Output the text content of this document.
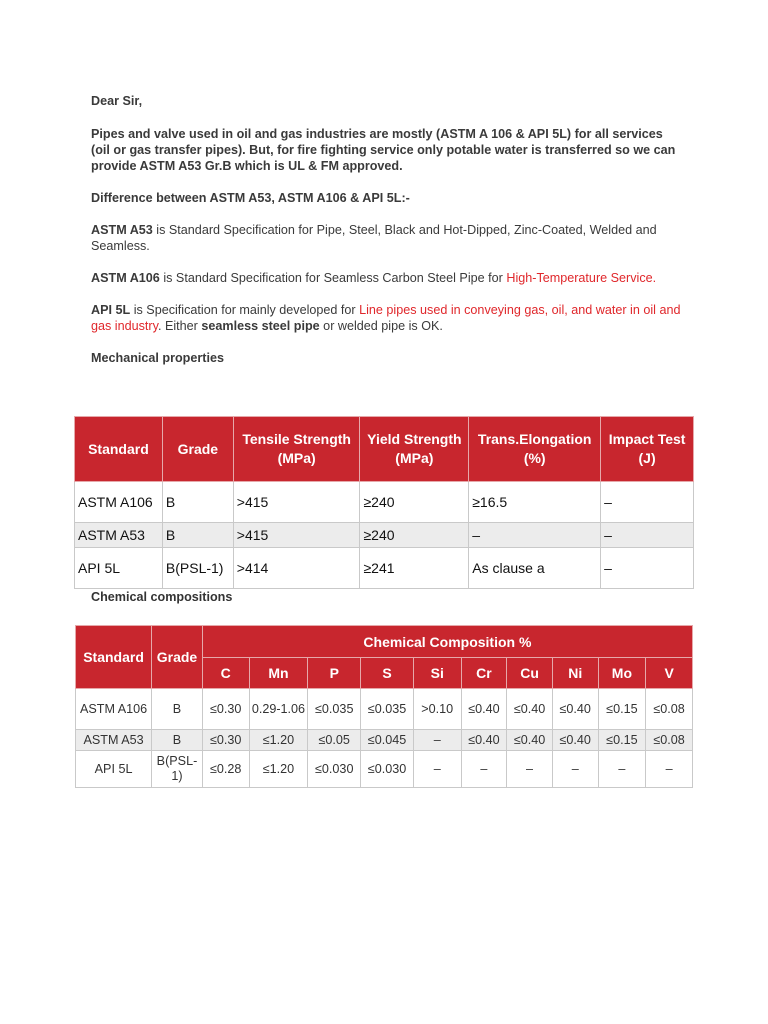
Dear Sir,

Pipes and valve used in oil and gas industries are mostly (ASTM A 106 & API 5L) for all services (oil or gas transfer pipes). But, for fire fighting service only potable water is transferred so we can provide ASTM A53 Gr.B which is UL & FM approved.

Difference between ASTM A53, ASTM A106 & API 5L:-

ASTM A53 is Standard Specification for Pipe, Steel, Black and Hot-Dipped, Zinc-Coated, Welded and Seamless.

ASTM A106 is Standard Specification for Seamless Carbon Steel Pipe for High-Temperature Service.

API 5L is Specification for mainly developed for Line pipes used in conveying gas, oil, and water in oil and gas industry. Either seamless steel pipe or welded pipe is OK.

Mechanical properties

Standard	Grade	Tensile Strength (MPa)	Yield Strength (MPa)	Trans.Elongation (%)	Impact Test (J)
ASTM A106	B	>415	≥240	≥16.5	–
ASTM A53	B	>415	≥240	–	–
API 5L	B(PSL-1)	>414	≥241	As clause a	–
Chemical compositions
Standard	Grade	Chemical Composition %									
		C	Mn	P	S	Si	Cr	Cu	Ni	Mo	V
ASTM A106	B	≤0.30	0.29-1.06	≤0.035	≤0.035	>0.10	≤0.40	≤0.40	≤0.40	≤0.15	≤0.08
ASTM A53	B	≤0.30	≤1.20	≤0.05	≤0.045	–	≤0.40	≤0.40	≤0.40	≤0.15	≤0.08
API 5L	B(PSL-1)	≤0.28	≤1.20	≤0.030	≤0.030	–	–	–	–	–	–
